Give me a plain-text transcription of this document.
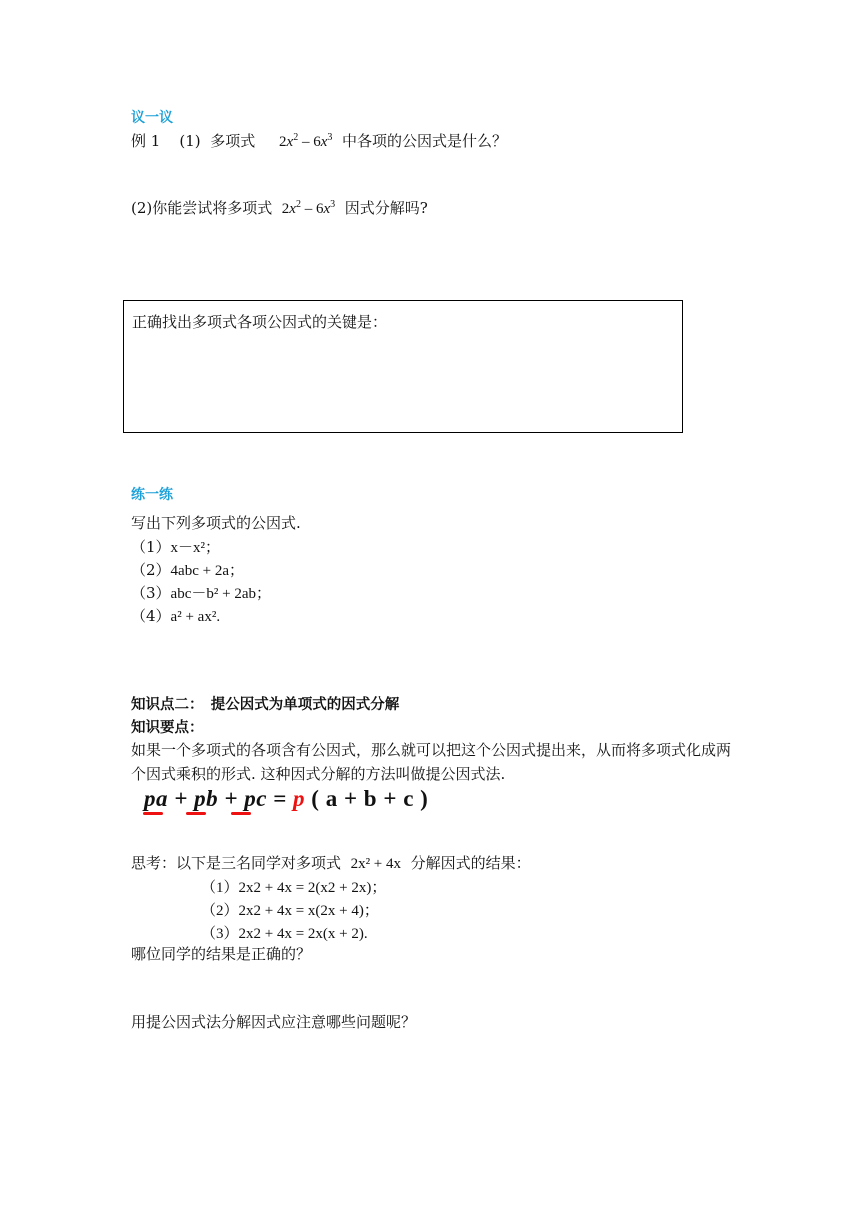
议一议
例 1 (1) 多项式 $2x^2 - 6x^3$ 中各项的公因式是什么？
(2)你能尝试将多项式 $2x^2 - 6x^3$ 因式分解吗?
正确找出多项式各项公因式的关键是：
练一练
写出下列多项式的公因式.
（1）x－x²；
（2）4abc + 2a；
（3）abc－b² + 2ab；
（4）a² + ax².
知识点二：　提公因式为单项式的因式分解
知识要点：
如果一个多项式的各项含有公因式，那么就可以把这个公因式提出来，从而将多项式化成两
个因式乘积的形式. 这种因式分解的方法叫做提公因式法.
pa + pb + pc = p ( a + b + c )
思考：以下是三名同学对多项式 2x² + 4x 分解因式的结果：
（1）2x2 + 4x = 2(x2 + 2x)；
（2）2x2 + 4x = x(2x + 4)；
（3）2x2 + 4x = 2x(x + 2).
哪位同学的结果是正确的？
用提公因式法分解因式应注意哪些问题呢？
